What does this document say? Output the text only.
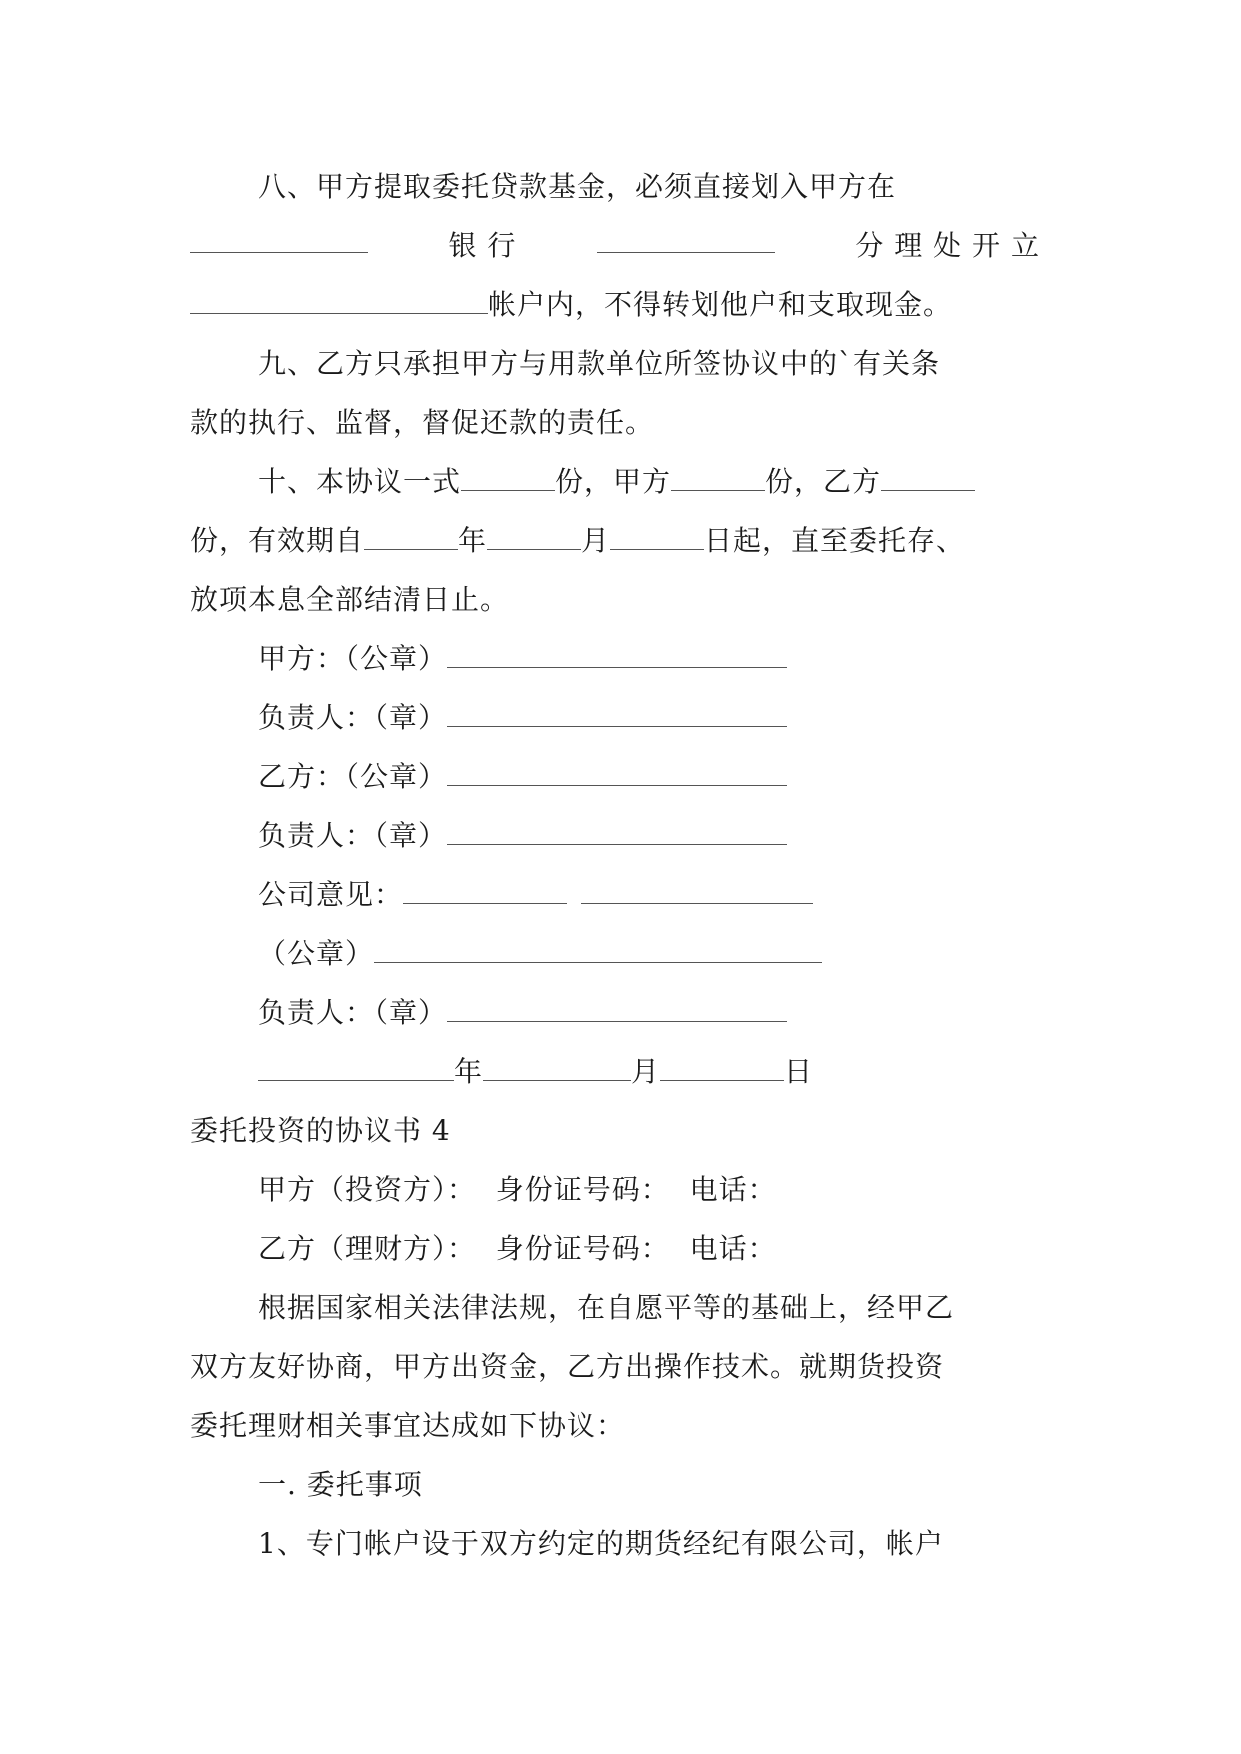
八、甲方提取委托贷款基金，必须直接划入甲方在
银 行	分 理 处 开 立
帐户内，不得转划他户和支取现金。
九、乙方只承担甲方与用款单位所签协议中的`有关条
款的执行、监督，督促还款的责任。
十、本协议一式	份，甲方	份，乙方
份，有效期自	年	月	日起，直至委托存、
放项本息全部结清日止。
甲方：（公章）
负责人：（章）
乙方：（公章）
负责人：（章）
公司意见：
（公章）
负责人：（章）
年	月	日
委托投资的协议书 4
甲方（投资方）：  身份证号码：  电话：
乙方（理财方）：  身份证号码：  电话：
根据国家相关法律法规，在自愿平等的基础上，经甲乙
双方友好协商，甲方出资金，乙方出操作技术。就期货投资
委托理财相关事宜达成如下协议：
一. 委托事项
1、专门帐户设于双方约定的期货经纪有限公司，帐户
